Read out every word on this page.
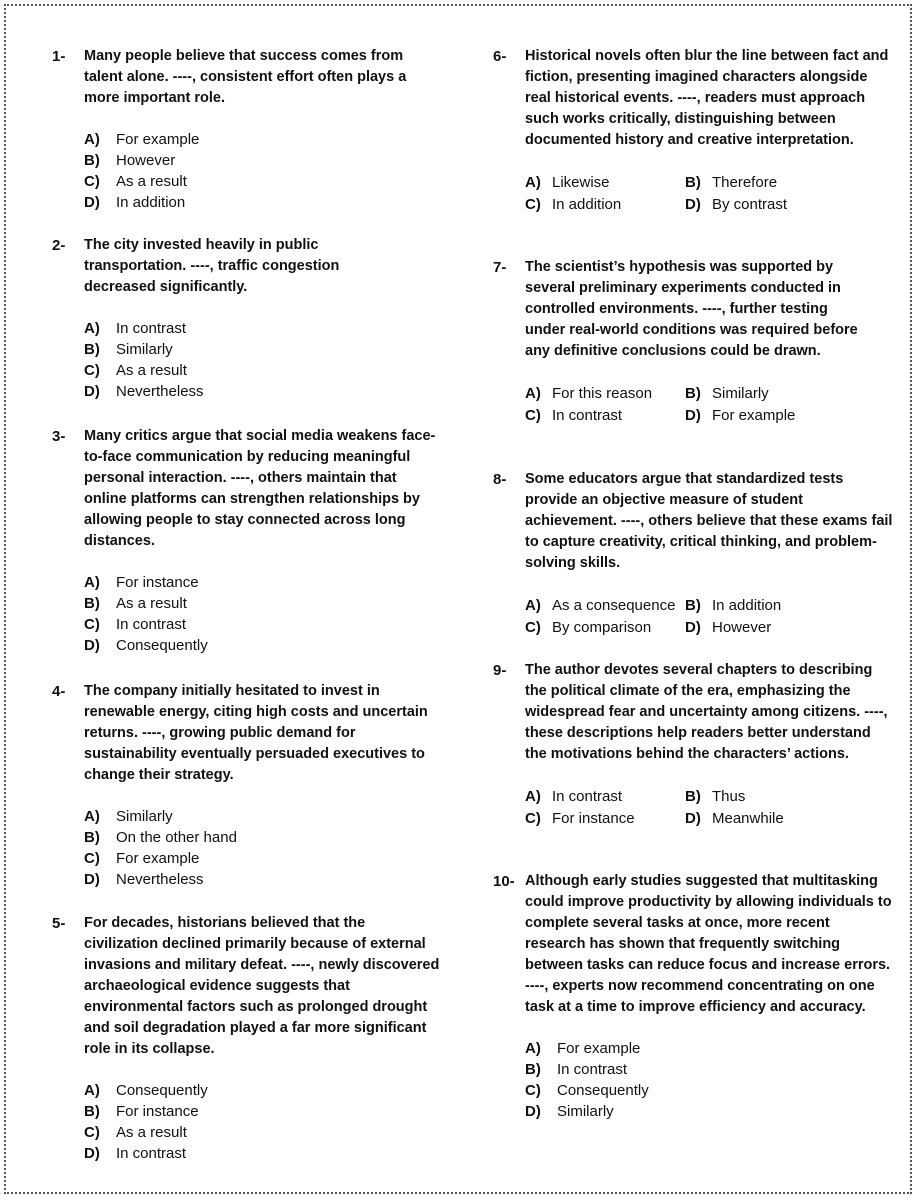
1-	Many people believe that success comes from talent alone. ----, consistent effort often plays a more important role.
A)	For example
B)	However
C)	As a result
D)	In addition
2-	The city invested heavily in public transportation. ----, traffic congestion decreased significantly.
A)	In contrast
B)	Similarly
C)	As a result
D)	Nevertheless
3-	Many critics argue that social media weakens face-to-face communication by reducing meaningful personal interaction. ----, others maintain that online platforms can strengthen relationships by allowing people to stay connected across long distances.
A)	For instance
B)	As a result
C)	In contrast
D)	Consequently
4-	The company initially hesitated to invest in renewable energy, citing high costs and uncertain returns. ----, growing public demand for sustainability eventually persuaded executives to change their strategy.
A)	Similarly
B)	On the other hand
C)	For example
D)	Nevertheless
5-	For decades, historians believed that the civilization declined primarily because of external invasions and military defeat. ----, newly discovered archaeological evidence suggests that environmental factors such as prolonged drought and soil degradation played a far more significant role in its collapse.
A)	Consequently
B)	For instance
C)	As a result
D)	In contrast
6-	Historical novels often blur the line between fact and fiction, presenting imagined characters alongside real historical events. ----, readers must approach such works critically, distinguishing between documented history and creative interpretation.
A) Likewise	B) Therefore
C) In addition	D) By contrast
7-	The scientist’s hypothesis was supported by several preliminary experiments conducted in controlled environments. ----, further testing under real-world conditions was required before any definitive conclusions could be drawn.
A) For this reason B) Similarly
C) In contrast	D) For example
8-	Some educators argue that standardized tests provide an objective measure of student achievement. ----, others believe that these exams fail to capture creativity, critical thinking, and problem-solving skills.
A) As a consequence B) In addition
C) By comparison D) However
9-	The author devotes several chapters to describing the political climate of the era, emphasizing the widespread fear and uncertainty among citizens. ----, these descriptions help readers better understand the motivations behind the characters’ actions.
A) In contrast	B) Thus
C) For instance	D) Meanwhile
10- Although early studies suggested that multitasking could improve productivity by allowing individuals to complete several tasks at once, more recent research has shown that frequently switching between tasks can reduce focus and increase errors. ----, experts now recommend concentrating on one task at a time to improve efficiency and accuracy.
A)	For example
B)	In contrast
C)	Consequently
D)	Similarly
